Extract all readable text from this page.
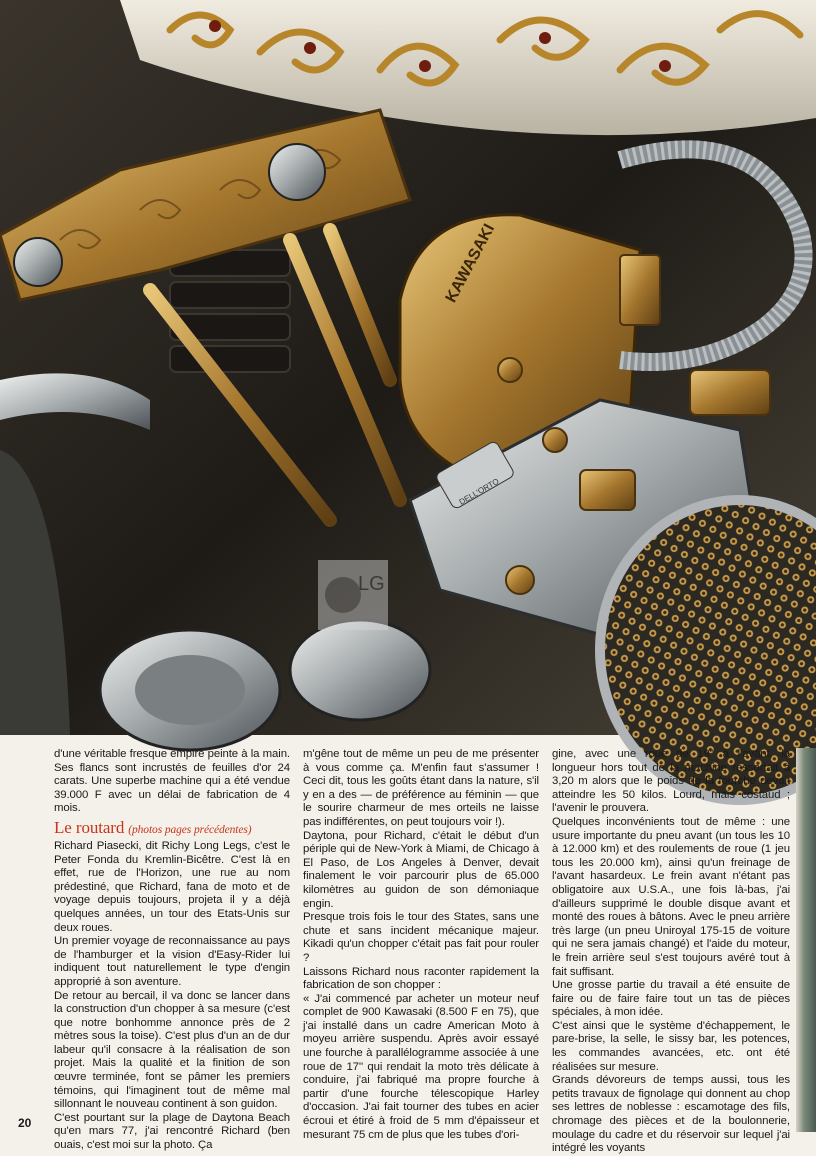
KAWASAKI
DELL'ORTO
LG

d'une véritable fresque empire peinte à la main. Ses flancs sont incrustés de feuilles d'or 24 carats. Une superbe machine qui a été vendue 39.000 F avec un délai de fabrication de 4 mois.

Le routard (photos pages précédentes)

Richard Piasecki, dit Richy Long Legs, c'est le Peter Fonda du Kremlin-Bicêtre. C'est là en effet, rue de l'Horizon, une rue au nom prédestiné, que Richard, fana de moto et de voyage depuis toujours, projeta il y a déjà quelques années, un tour des Etats-Unis sur deux roues.

Un premier voyage de reconnaissance au pays de l'hamburger et la vision d'Easy-Rider lui indiquent tout naturellement le type d'engin approprié à son aventure.

De retour au bercail, il va donc se lancer dans la construction d'un chopper à sa mesure (c'est que notre bonhomme annonce près de 2 mètres sous la toise). C'est plus d'un an de dur labeur qu'il consacre à la réalisation de son projet. Mais la qualité et la finition de son œuvre terminée, font se pâmer les premiers témoins, qui l'imaginent tout de même mal sillonnant le nouveau continent à son guidon.

C'est pourtant sur la plage de Daytona Beach qu'en mars 77, j'ai rencontré Richard (ben ouais, c'est moi sur la photo. Ça

m'gêne tout de même un peu de me présenter à vous comme ça. M'enfin faut s'assumer ! Ceci dit, tous les goûts étant dans la nature, s'il y en a des — de préférence au féminin — que le sourire charmeur de mes orteils ne laisse pas indifférentes, on peut toujours voir !).

Daytona, pour Richard, c'était le début d'un périple qui de New-York à Miami, de Chicago à El Paso, de Los Angeles à Denver, devait finalement le voir parcourir plus de 65.000 kilomètres au guidon de son démoniaque engin.

Presque trois fois le tour des States, sans une chute et sans incident mécanique majeur. Kikadi qu'un chopper c'était pas fait pour rouler ?

Laissons Richard nous raconter rapidement la fabrication de son chopper :

« J'ai commencé par acheter un moteur neuf complet de 900 Kawasaki (8.500 F en 75), que j'ai installé dans un cadre American Moto à moyeu arrière suspendu. Après avoir essayé une fourche à parallélogramme associée à une roue de 17'' qui rendait la moto très délicate à conduire, j'ai fabriqué ma propre fourche à partir d'une fourche télescopique Harley d'occasion. J'ai fait tourner des tubes en acier écroui et étiré à froid de 5 mm d'épaisseur et mesurant 75 cm de plus que les tubes d'ori-

gine, avec une roue de 19'' à l'avant, la longueur hors tout de la machine ressortait à 3,20 m alors que le poids de la fourche devait atteindre les 50 kilos. Lourd, mais costaud ; l'avenir le prouvera.

Quelques inconvénients tout de même : une usure importante du pneu avant (un tous les 10 à 12.000 km) et des roulements de roue (1 jeu tous les 20.000 km), ainsi qu'un freinage de l'avant hasardeux. Le frein avant n'étant pas obligatoire aux U.S.A., une fois là-bas, j'ai d'ailleurs supprimé le double disque avant et monté des roues à bâtons. Avec le pneu arrière très large (un pneu Uniroyal 175-15 de voiture qui ne sera jamais changé) et l'aide du moteur, le frein arrière seul s'est toujours avéré tout à fait suffisant.

Une grosse partie du travail a été ensuite de faire ou de faire faire tout un tas de pièces spéciales, à mon idée.

C'est ainsi que le système d'échappement, le pare-brise, la selle, le sissy bar, les potences, les commandes avancées, etc. ont été réalisées sur mesure.

Grands dévoreurs de temps aussi, tous les petits travaux de fignolage qui donnent au chop ses lettres de noblesse : escamotage des fils, chromage des pièces et de la boulonnerie, moulage du cadre et du réservoir sur lequel j'ai intégré les voyants

20
